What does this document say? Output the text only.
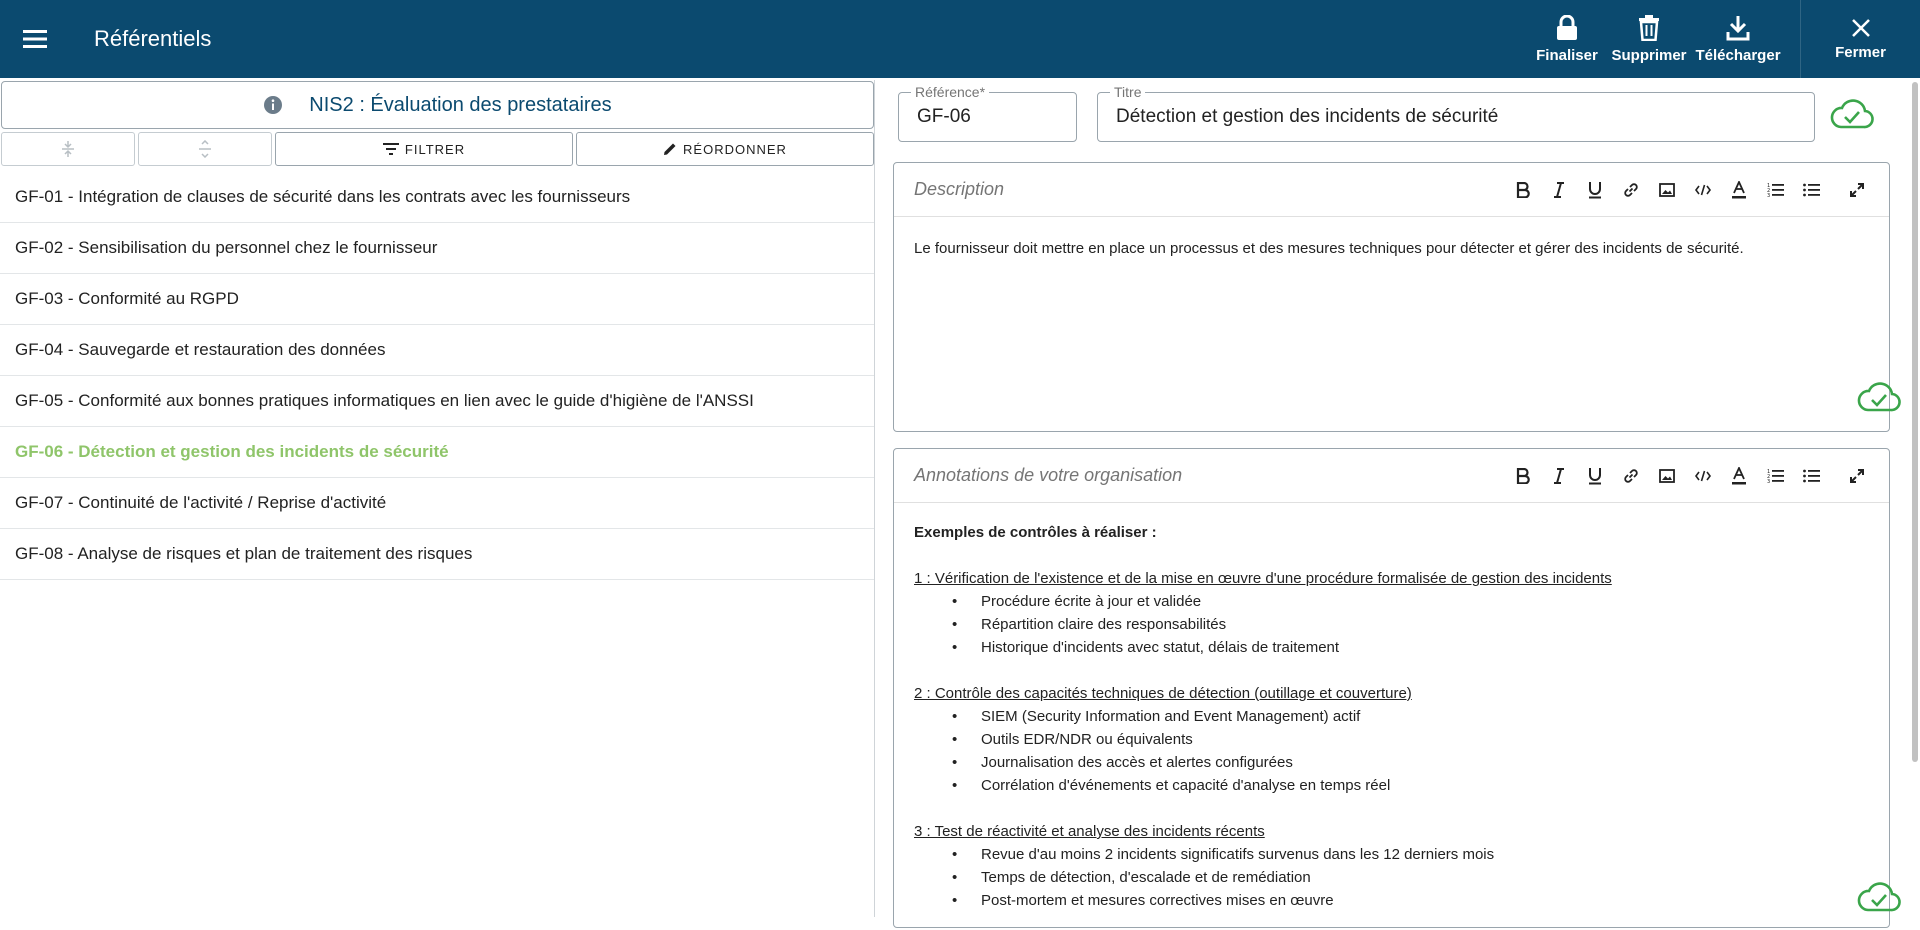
Référentiels
Finaliser Supprimer Télécharger	Fermer
NIS2 : Évaluation des prestataires
FILTRER	RÉORDONNER
GF-01 - Intégration de clauses de sécurité dans les contrats avec les fournisseurs
GF-02 - Sensibilisation du personnel chez le fournisseur
GF-03 - Conformité au RGPD
GF-04 - Sauvegarde et restauration des données
GF-05 - Conformité aux bonnes pratiques informatiques en lien avec le guide d'higiène de l'ANSSI
GF-06 - Détection et gestion des incidents de sécurité
GF-07 - Continuité de l'activité / Reprise d'activité
GF-08 - Analyse de risques et plan de traitement des risques
Référence*
GF-06
Titre
Détection et gestion des incidents de sécurité
Description	1
2
3
Le fournisseur doit mettre en place un processus et des mesures techniques pour détecter et gérer des incidents de sécurité.
Annotations de votre organisation	1
2
3
Exemples de contrôles à réaliser :
1 : Vérification de l'existence et de la mise en œuvre d'une procédure formalisée de gestion des incidents
• Procédure écrite à jour et validée
• Répartition claire des responsabilités
• Historique d'incidents avec statut, délais de traitement
2 : Contrôle des capacités techniques de détection (outillage et couverture)
• SIEM (Security Information and Event Management) actif
• Outils EDR/NDR ou équivalents
• Journalisation des accès et alertes configurées
• Corrélation d'événements et capacité d'analyse en temps réel
3 : Test de réactivité et analyse des incidents récents
• Revue d'au moins 2 incidents significatifs survenus dans les 12 derniers mois
• Temps de détection, d'escalade et de remédiation
• Post-mortem et mesures correctives mises en œuvre
